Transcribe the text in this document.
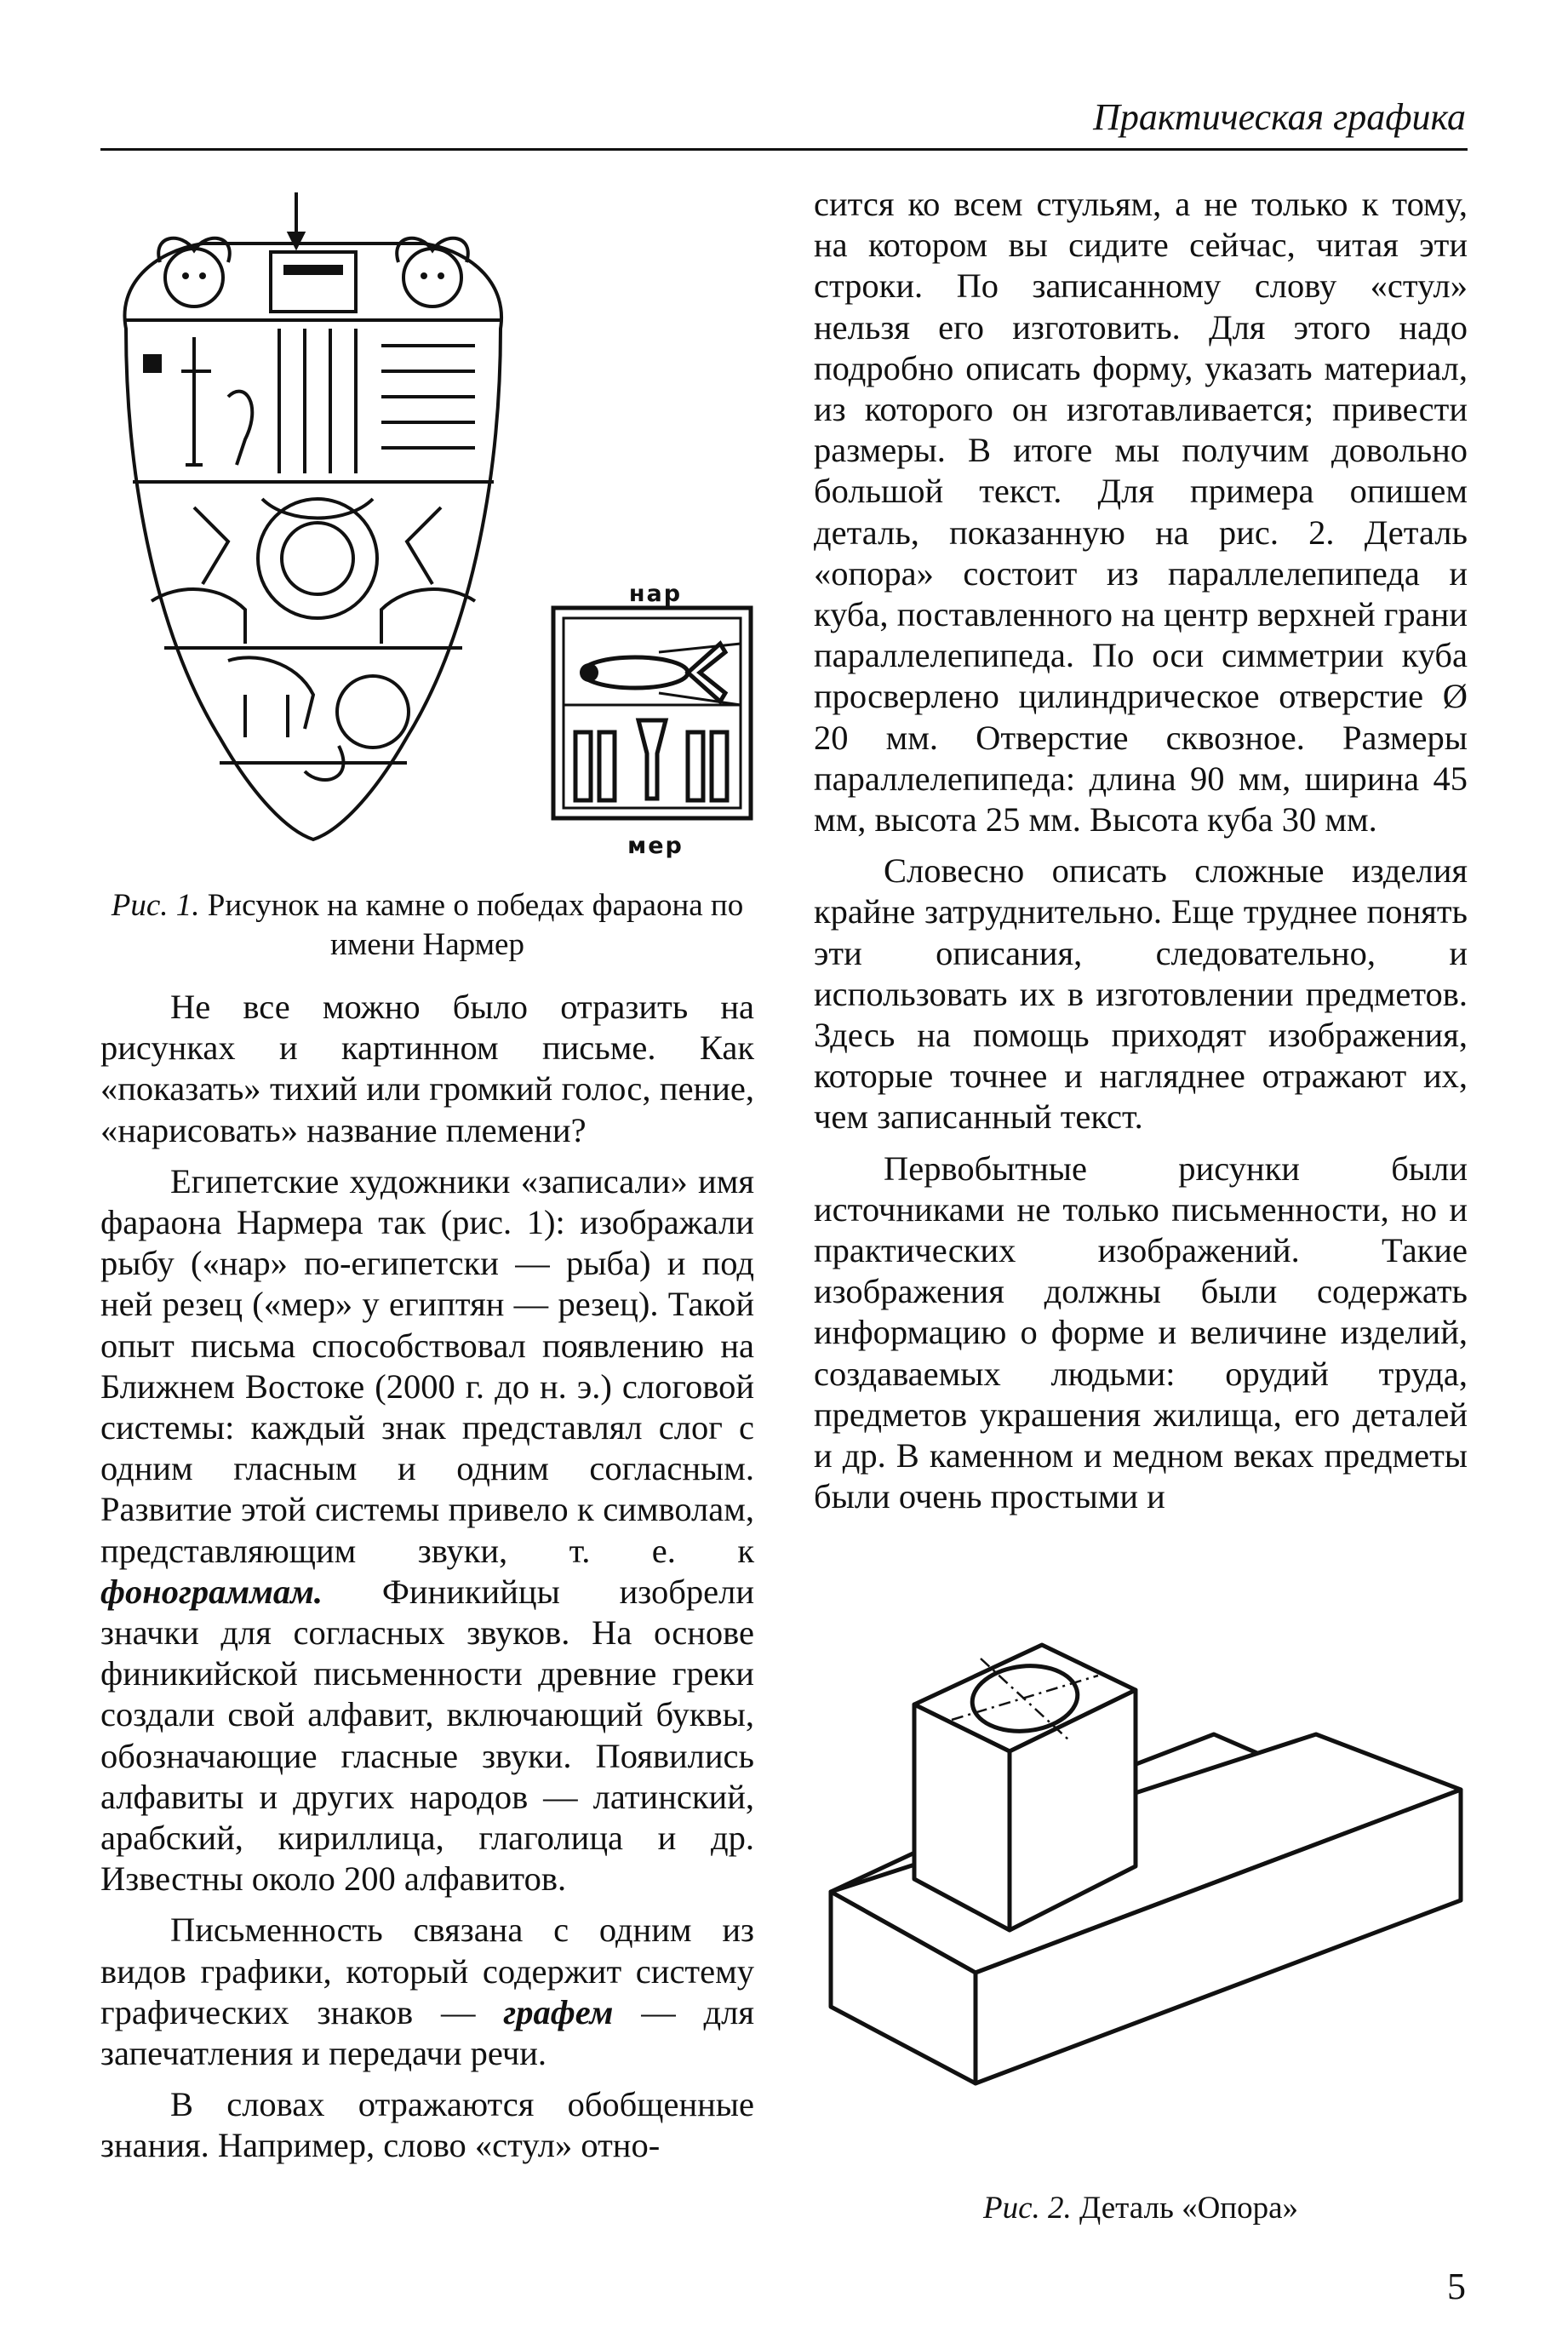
Практическая графика
нар
мер
Рис. 1. Рисунок на камне о победах фараона по имени Нармер

Не все можно было отразить на рисунках и картинном письме. Как «показать» тихий или громкий голос, пение, «нарисовать» название племени?

Египетские художники «записали» имя фараона Нармера так (рис. 1): изображали рыбу («нар» по-египетски — рыба) и под ней резец («мер» у египтян — резец). Такой опыт письма способствовал появлению на Ближнем Востоке (2000 г. до н. э.) слоговой системы: каждый знак представлял слог с одним гласным и одним согласным. Развитие этой системы привело к символам, представляющим звуки, т. е. к фонограммам. Финикийцы изобрели значки для согласных звуков. На основе финикийской письменности древние греки создали свой алфавит, включающий буквы, обозначающие гласные звуки. Появились алфавиты и других народов — латинский, арабский, кириллица, глаголица и др. Известны около 200 алфавитов.

Письменность связана с одним из видов графики, который содержит систему графических знаков — графем — для запечатления и передачи речи.

В словах отражаются обобщенные знания. Например, слово «стул» отно-

сится ко всем стульям, а не только к тому, на котором вы сидите сейчас, читая эти строки. По записанному слову «стул» нельзя его изготовить. Для этого надо подробно описать форму, указать материал, из которого он изготавливается; привести размеры. В итоге мы получим довольно большой текст. Для примера опишем деталь, показанную на рис. 2. Деталь «опора» состоит из параллелепипеда и куба, поставленного на центр верхней грани параллелепипеда. По оси симметрии куба просверлено цилиндрическое отверстие Ø 20 мм. Отверстие сквозное. Размеры параллелепипеда: длина 90 мм, ширина 45 мм, высота 25 мм. Высота куба 30 мм.

Словесно описать сложные изделия крайне затруднительно. Еще труднее понять эти описания, следовательно, и использовать их в изготовлении предметов. Здесь на помощь приходят изображения, которые точнее и нагляднее отражают их, чем записанный текст.

Первобытные рисунки были источниками не только письменности, но и практических изображений. Такие изображения должны были содержать информацию о форме и величине изделий, создаваемых людьми: орудий труда, предметов украшения жилища, его деталей и др. В каменном и медном веках предметы были очень простыми и

Рис. 2. Деталь «Опора»
5
